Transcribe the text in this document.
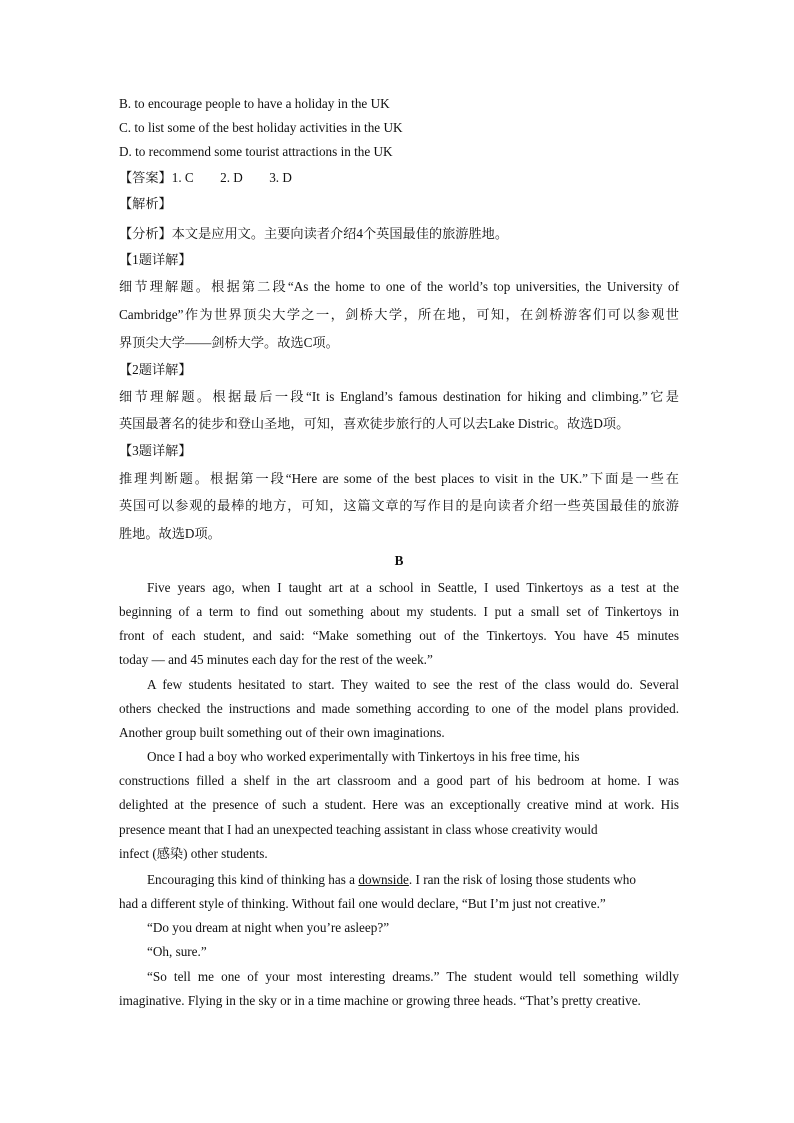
B. to encourage people to have a holiday in the UK
C. to list some of the best holiday activities in the UK
D. to recommend some tourist attractions in the UK
【答案】1. C　　2. D　　3. D
【解析】
【分析】本文是应用文。主要向读者介绍4个英国最佳的旅游胜地。
【1题详解】
细节理解题。根据第二段“As the home to one of the world’s top universities, the University of
Cambridge”作为世界顶尖大学之一，剑桥大学，所在地，可知，在剑桥游客们可以参观世
界顶尖大学——剑桥大学。故选C项。
【2题详解】
细节理解题。根据最后一段“It is England’s famous destination for hiking and climbing.”它是
英国最著名的徒步和登山圣地，可知，喜欢徒步旅行的人可以去Lake Distric。故选D项。
【3题详解】
推理判断题。根据第一段“Here are some of the best places to visit in the UK.”下面是一些在
英国可以参观的最棒的地方，可知，这篇文章的写作目的是向读者介绍一些英国最佳的旅游
胜地。故选D项。
B
Five years ago, when I taught art at a school in Seattle, I used Tinkertoys as a test at the
beginning of a term to find out something about my students. I put a small set of Tinkertoys in
front of each student, and said: “Make something out of the Tinkertoys. You have 45 minutes
today — and 45 minutes each day for the rest of the week.”
A few students hesitated to start. They waited to see the rest of the class would do. Several
others checked the instructions and made something according to one of the model plans provided.
Another group built something out of their own imaginations.
Once I had a boy who worked experimentally with Tinkertoys in his free time, his
constructions filled a shelf in the art classroom and a good part of his bedroom at home. I was
delighted at the presence of such a student. Here was an exceptionally creative mind at work. His
presence meant that I had an unexpected teaching assistant in class whose creativity would
infect (感染) other students.
Encouraging this kind of thinking has a downside. I ran the risk of losing those students who
had a different style of thinking. Without fail one would declare, “But I’m just not creative.”
“Do you dream at night when you’re asleep?”
“Oh, sure.”
“So tell me one of your most interesting dreams.” The student would tell something wildly
imaginative. Flying in the sky or in a time machine or growing three heads. “That’s pretty creative.
